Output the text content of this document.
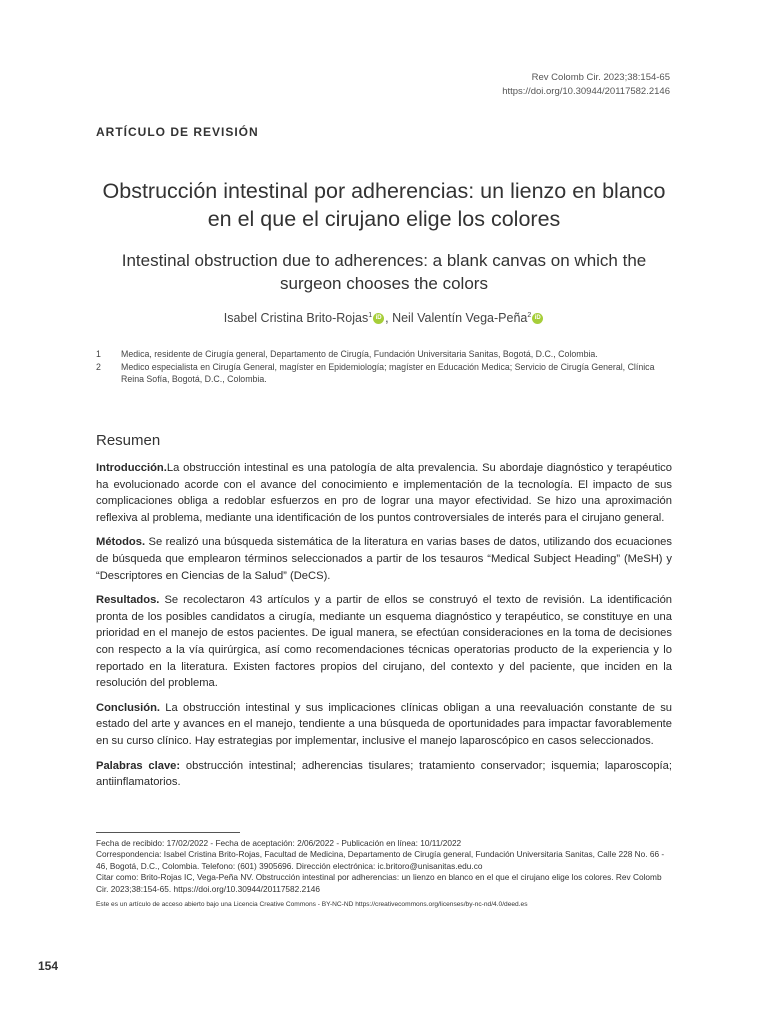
Rev Colomb Cir. 2023;38:154-65
https://doi.org/10.30944/20117582.2146
ARTÍCULO DE REVISIÓN
Obstrucción intestinal por adherencias: un lienzo en blanco en el que el cirujano elige los colores
Intestinal obstruction due to adherences: a blank canvas on which the surgeon chooses the colors
Isabel Cristina Brito-Rojas$^1$ iD , Neil Valentín Vega-Peña$^2$ iD
1	Medica, residente de Cirugía general, Departamento de Cirugía, Fundación Universitaria Sanitas, Bogotá, D.C., Colombia.
2	Medico especialista en Cirugía General, magíster en Epidemiología; magíster en Educación Medica; Servicio de Cirugía General, Clínica Reina Sofía, Bogotá, D.C., Colombia.
Resumen

Introducción.La obstrucción intestinal es una patología de alta prevalencia. Su abordaje diagnóstico y terapéutico ha evolucionado acorde con el avance del conocimiento e implementación de la tecnología. El impacto de sus complicaciones obliga a redoblar esfuerzos en pro de lograr una mayor efectividad. Se hizo una aproximación reflexiva al problema, mediante una identificación de los puntos controversiales de interés para el cirujano general.

Métodos. Se realizó una búsqueda sistemática de la literatura en varias bases de datos, utilizando dos ecuaciones de búsqueda que emplearon términos seleccionados a partir de los tesauros “Medical Subject Heading” (MeSH) y “Descriptores en Ciencias de la Salud” (DeCS).

Resultados. Se recolectaron 43 artículos y a partir de ellos se construyó el texto de revisión. La identificación pronta de los posibles candidatos a cirugía, mediante un esquema diagnóstico y terapéutico, se constituye en una prioridad en el manejo de estos pacientes. De igual manera, se efectúan consideraciones en la toma de decisiones con respecto a la vía quirúrgica, así como recomendaciones técnicas operatorias producto de la experiencia y lo reportado en la literatura. Existen factores propios del cirujano, del contexto y del paciente, que inciden en la resolución del problema.

Conclusión. La obstrucción intestinal y sus implicaciones clínicas obligan a una reevaluación constante de su estado del arte y avances en el manejo, tendiente a una búsqueda de oportunidades para impactar favorablemente en su curso clínico. Hay estrategias por implementar, inclusive el manejo laparoscópico en casos seleccionados.

Palabras clave: obstrucción intestinal; adherencias tisulares; tratamiento conservador; isquemia; laparoscopía; antiinflamatorios.

Fecha de recibido: 17/02/2022 - Fecha de aceptación: 2/06/2022 - Publicación en línea: 10/11/2022
Correspondencia: Isabel Cristina Brito-Rojas, Facultad de Medicina, Departamento de Cirugía general, Fundación Universitaria Sanitas, Calle 228 No. 66 - 46, Bogotá, D.C., Colombia. Telefono: (601) 3905696. Dirección electrónica: ic.britoro@unisanitas.edu.co
Citar como: Brito-Rojas IC, Vega-Peña NV. Obstrucción intestinal por adherencias: un lienzo en blanco en el que el cirujano elige los colores. Rev Colomb Cir. 2023;38:154-65. https://doi.org/10.30944/20117582.2146
Este es un artículo de acceso abierto bajo una Licencia Creative Commons - BY-NC-ND https://creativecommons.org/licenses/by-nc-nd/4.0/deed.es
154
